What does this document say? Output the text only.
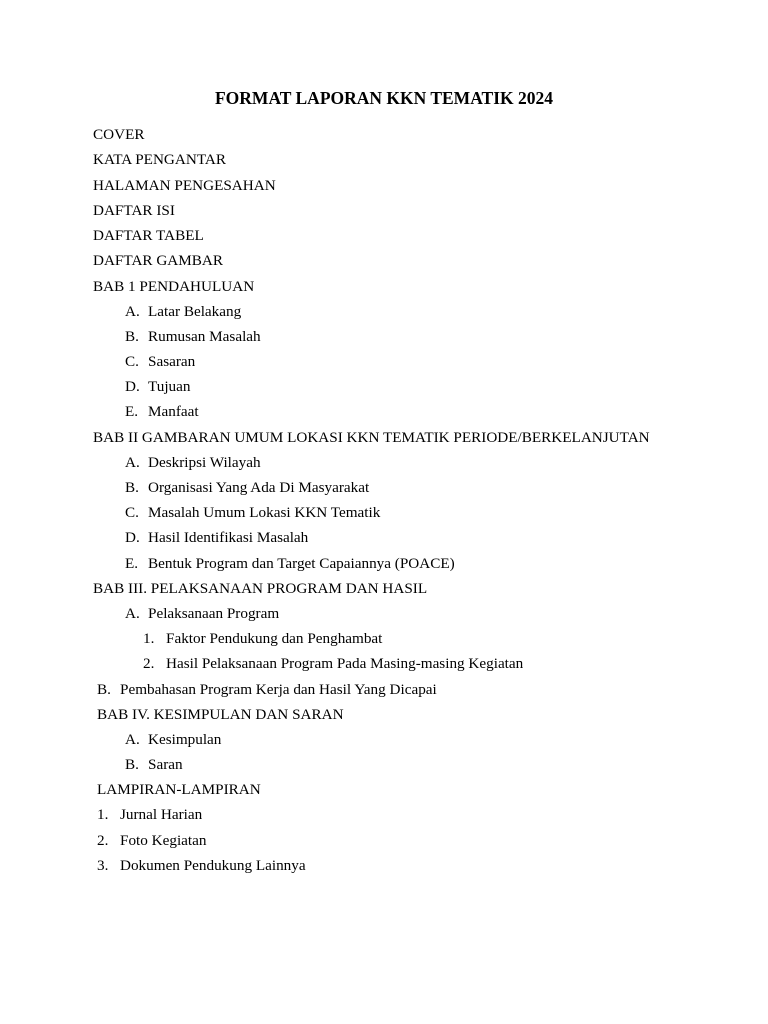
FORMAT LAPORAN KKN TEMATIK 2024
COVER
KATA PENGANTAR
HALAMAN PENGESAHAN
DAFTAR ISI
DAFTAR TABEL
DAFTAR GAMBAR
BAB 1 PENDAHULUAN
A. Latar Belakang
B. Rumusan Masalah
C. Sasaran
D. Tujuan
E. Manfaat
BAB II GAMBARAN UMUM LOKASI KKN TEMATIK PERIODE/BERKELANJUTAN
A. Deskripsi Wilayah
B. Organisasi Yang Ada Di Masyarakat
C. Masalah Umum Lokasi KKN Tematik
D. Hasil Identifikasi Masalah
E. Bentuk Program dan Target Capaiannya (POACE)
BAB III. PELAKSANAAN PROGRAM DAN HASIL
A. Pelaksanaan Program
1. Faktor Pendukung dan Penghambat
2. Hasil Pelaksanaan Program Pada Masing-masing Kegiatan
B. Pembahasan Program Kerja dan Hasil Yang Dicapai
BAB IV. KESIMPULAN DAN SARAN
A. Kesimpulan
B. Saran
LAMPIRAN-LAMPIRAN
1. Jurnal Harian
2. Foto Kegiatan
3. Dokumen Pendukung Lainnya
